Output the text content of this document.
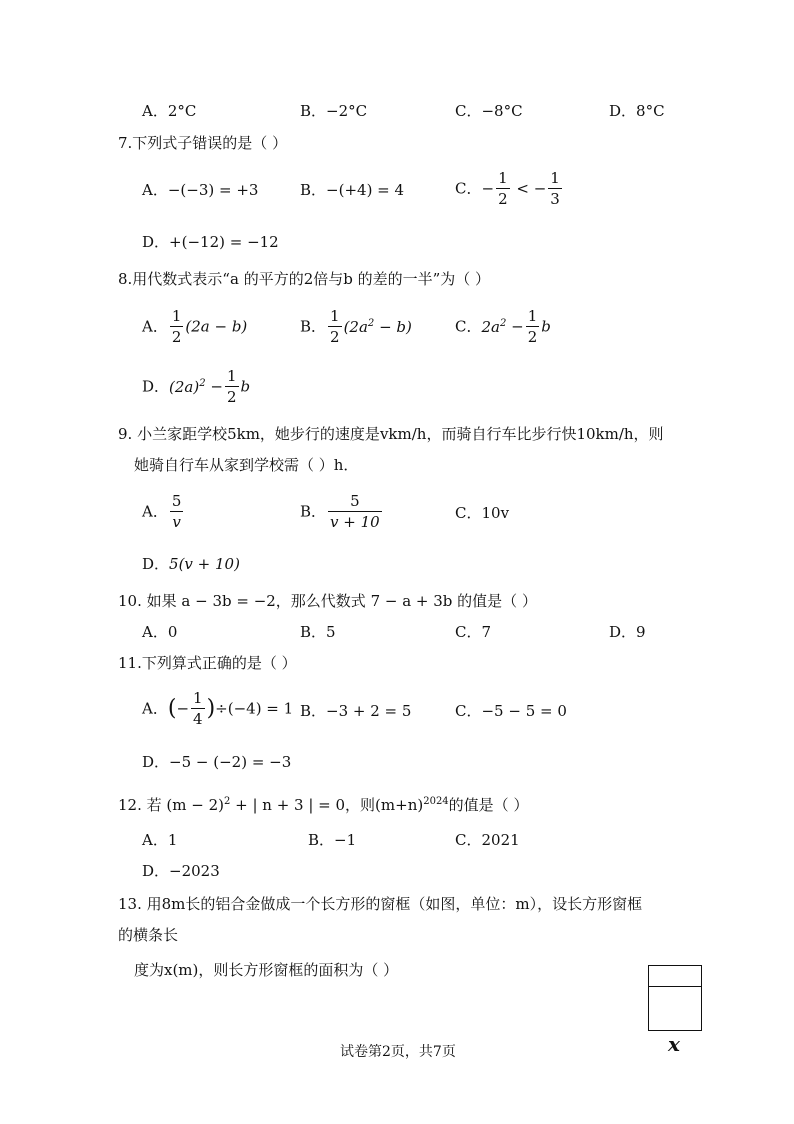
A．2°C	B．−2°C	C．−8°C	D．8°C
7.下列式子错误的是（ ）
A．−(−3) = +3	B．−(+4) = 4	C．− $\frac{1}{2}$ < − $\frac{1}{3}$
D．+(−12) = −12
8.用代数式表示“a 的平方的2倍与b 的差的一半”为（ ）
A． $\frac{1}{2} (2a - b)$	B． $\frac{1}{2} (2a^2 - b)$	C．$2a^2 - \frac{1}{2}$ b
D．$(2a)^2 - \frac{1}{2}$ b
9. 小兰家距学校5km，她步行的速度是vkm/h，而骑自行车比步行快10km/h，则
她骑自行车从家到学校需（ ）h．
A． $\frac{5}{v}$	B． $\frac{5}{v + 10}$	C．10v
D．5(v + 10)
10. 如果 a − 3b = −2，那么代数式 7 − a + 3b 的值是（ ）
A．0	B．5	C．7	D．9
11.下列算式正确的是（ ）
A．(− $\frac{1}{4} )\div(-4) = 1$ B．−3 + 2 = 5	C．−5 − 5 = 0
D．−5 − (−2) = −3
12. 若 $(m - 2)^2$ + | n + 3 | = 0，则$(m+n)^{2024}$的值是（ ）
A．1	B．−1	C．2021
D．−2023
13. 用8m长的铝合金做成一个长方形的窗框（如图，单位：m），设长方形窗框
的横条长
度为x(m)，则长方形窗框的面积为（ ）
x
试卷第2页，共7页
